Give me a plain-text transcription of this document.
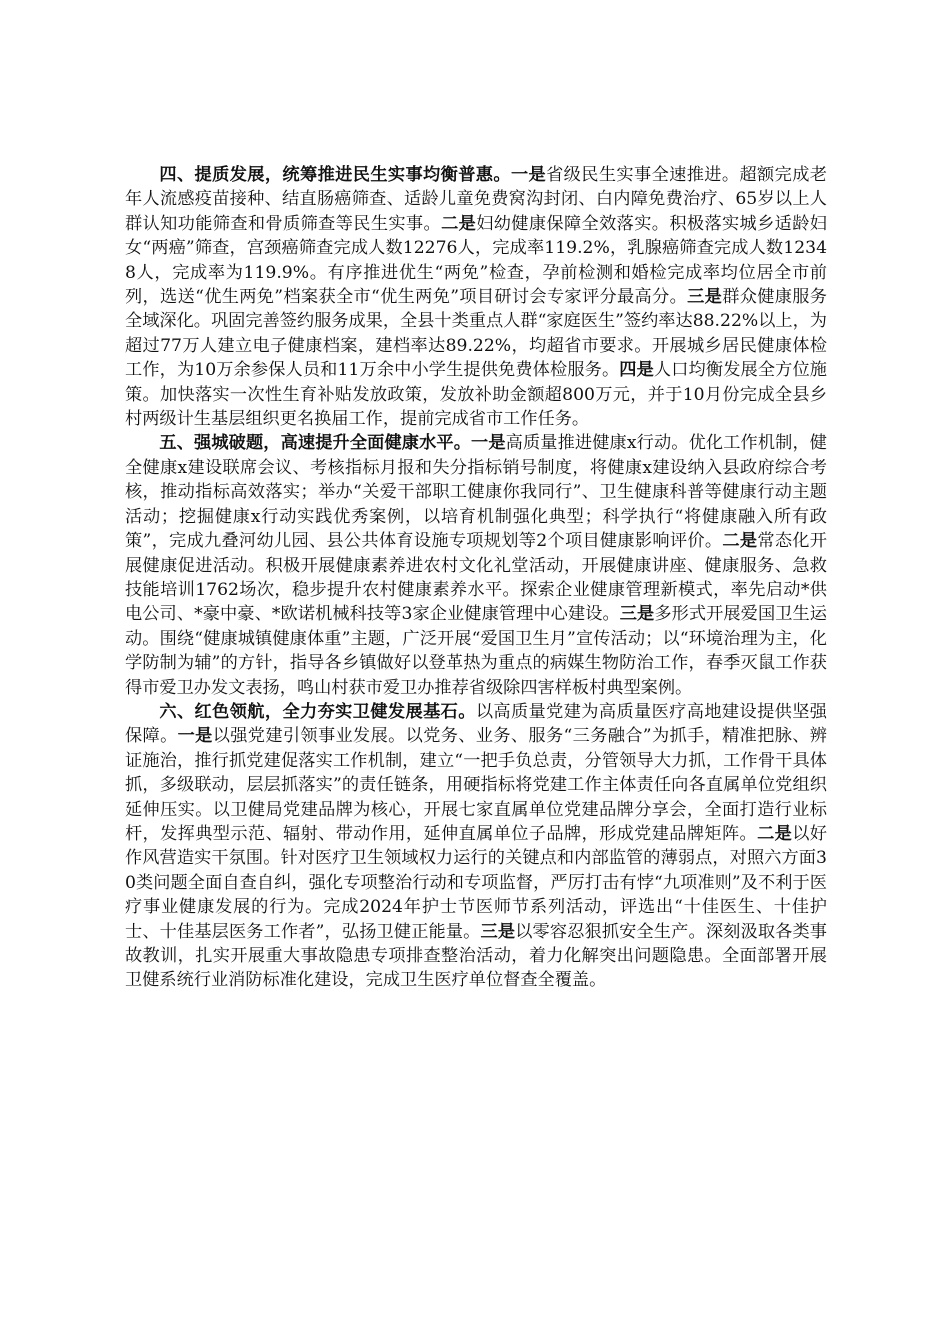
四、提质发展，统筹推进民生实事均衡普惠。一是省级民生实事全速推进。超额完成老年人流感疫苗接种、结直肠癌筛查、适龄儿童免费窝沟封闭、白内障免费治疗、65岁以上人群认知功能筛查和骨质筛查等民生实事。二是妇幼健康保障全效落实。积极落实城乡适龄妇女“两癌”筛查，宫颈癌筛查完成人数12276人，完成率119.2%，乳腺癌筛查完成人数12348人，完成率为119.9%。有序推进优生“两免”检查，孕前检测和婚检完成率均位居全市前列，选送“优生两免”档案获全市“优生两免”项目研讨会专家评分最高分。三是群众健康服务全域深化。巩固完善签约服务成果，全县十类重点人群“家庭医生”签约率达88.22%以上，为超过77万人建立电子健康档案，建档率达89.22%，均超省市要求。开展城乡居民健康体检工作，为10万余参保人员和11万余中小学生提供免费体检服务。四是人口均衡发展全方位施策。加快落实一次性生育补贴发放政策，发放补助金额超800万元，并于10月份完成全县乡村两级计生基层组织更名换届工作，提前完成省市工作任务。

五、强城破题，高速提升全面健康水平。一是高质量推进健康x行动。优化工作机制，健全健康x建设联席会议、考核指标月报和失分指标销号制度，将健康x建设纳入县政府综合考核，推动指标高效落实；举办“关爱干部职工健康你我同行”、卫生健康科普等健康行动主题活动；挖掘健康x行动实践优秀案例，以培育机制强化典型；科学执行“将健康融入所有政策”，完成九叠河幼儿园、县公共体育设施专项规划等2个项目健康影响评价。二是常态化开展健康促进活动。积极开展健康素养进农村文化礼堂活动，开展健康讲座、健康服务、急救技能培训1762场次，稳步提升农村健康素养水平。探索企业健康管理新模式，率先启动*供电公司、*豪中豪、*欧诺机械科技等3家企业健康管理中心建设。三是多形式开展爱国卫生运动。围绕“健康城镇健康体重”主题，广泛开展“爱国卫生月”宣传活动；以“环境治理为主，化学防制为辅”的方针，指导各乡镇做好以登革热为重点的病媒生物防治工作，春季灭鼠工作获得市爱卫办发文表扬，鸣山村获市爱卫办推荐省级除四害样板村典型案例。

六、红色领航，全力夯实卫健发展基石。以高质量党建为高质量医疗高地建设提供坚强保障。一是以强党建引领事业发展。以党务、业务、服务“三务融合”为抓手，精准把脉、辨证施治，推行抓党建促落实工作机制，建立“一把手负总责，分管领导大力抓，工作骨干具体抓，多级联动，层层抓落实”的责任链条，用硬指标将党建工作主体责任向各直属单位党组织延伸压实。以卫健局党建品牌为核心，开展七家直属单位党建品牌分享会，全面打造行业标杆，发挥典型示范、辐射、带动作用，延伸直属单位子品牌，形成党建品牌矩阵。二是以好作风营造实干氛围。针对医疗卫生领域权力运行的关键点和内部监管的薄弱点，对照六方面30类问题全面自查自纠，强化专项整治行动和专项监督，严厉打击有悖“九项准则”及不利于医疗事业健康发展的行为。完成2024年护士节医师节系列活动，评选出“十佳医生、十佳护士、十佳基层医务工作者”，弘扬卫健正能量。三是以零容忍狠抓安全生产。深刻汲取各类事故教训，扎实开展重大事故隐患专项排查整治活动，着力化解突出问题隐患。全面部署开展卫健系统行业消防标准化建设，完成卫生医疗单位督查全覆盖。
